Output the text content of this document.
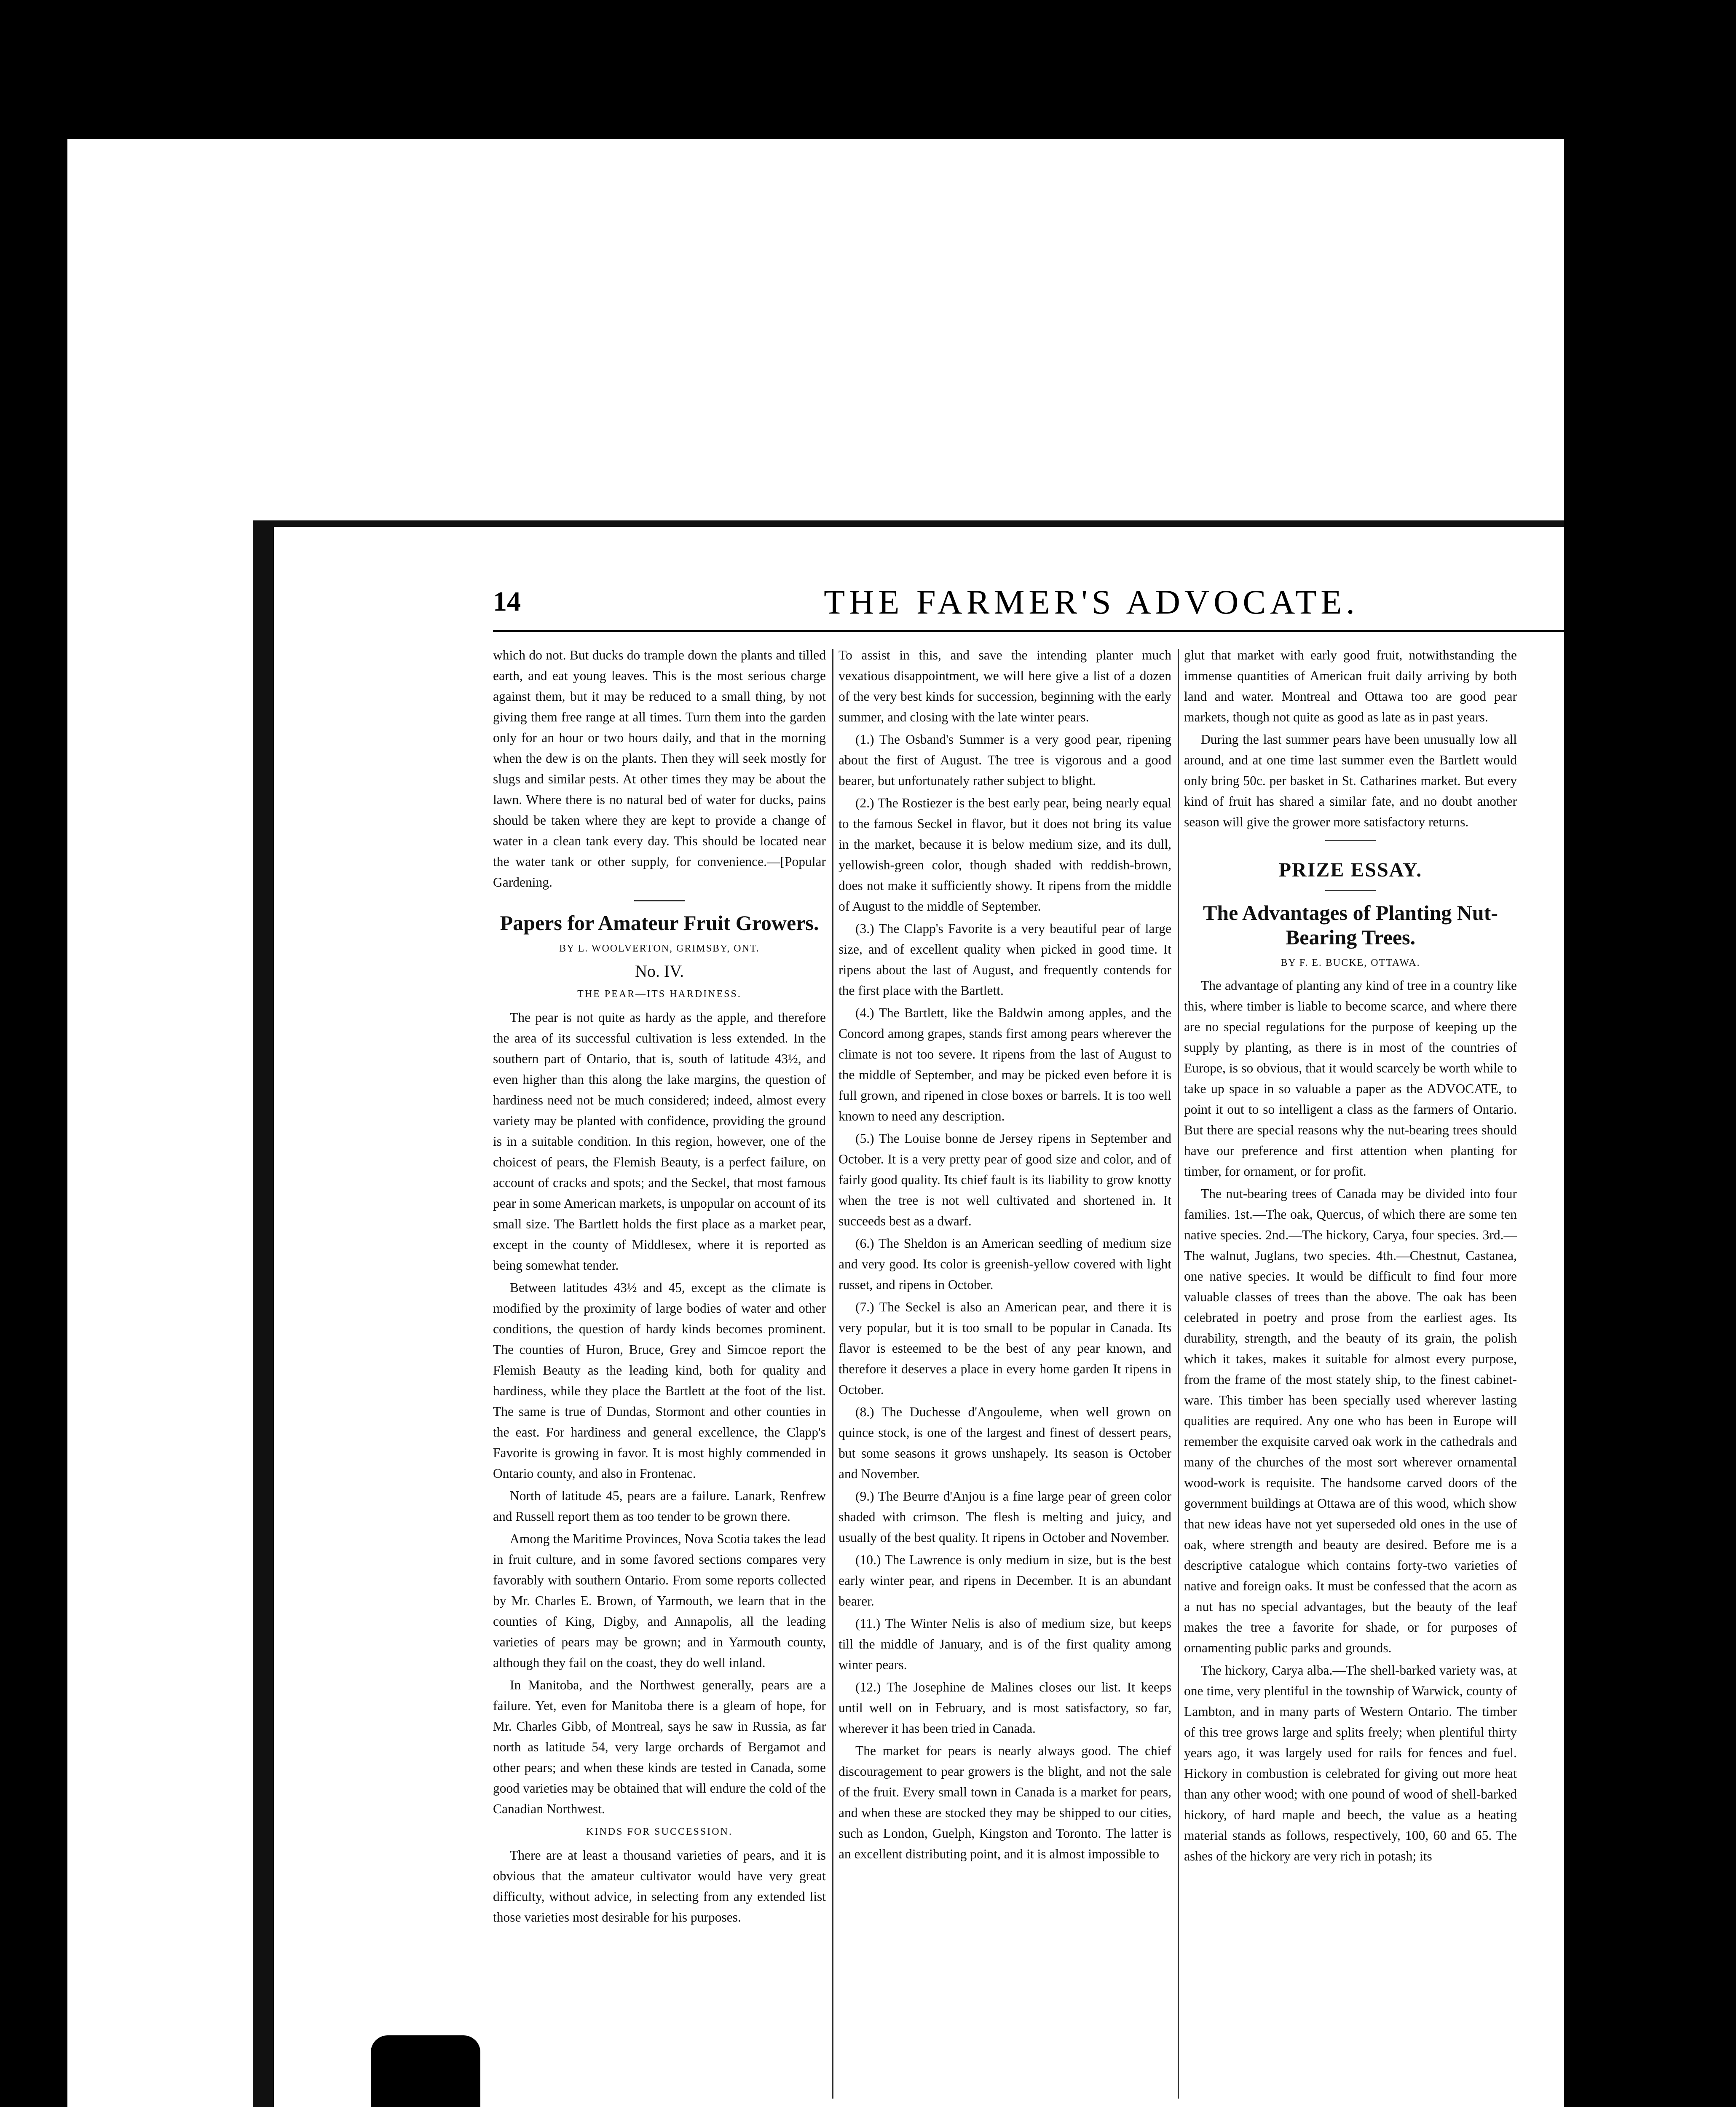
14	THE FARMER'S ADVOCATE.	Jan., 1886

which do not. But ducks do trample down the plants and tilled earth, and eat young leaves. This is the most serious charge against them, but it may be reduced to a small thing, by not giving them free range at all times. Turn them into the garden only for an hour or two hours daily, and that in the morning when the dew is on the plants. Then they will seek mostly for slugs and similar pests. At other times they may be about the lawn. Where there is no natural bed of water for ducks, pains should be taken where they are kept to provide a change of water in a clean tank every day. This should be located near the water tank or other supply, for convenience.—[Popular Gardening.

Papers for Amateur Fruit Growers.

BY L. WOOLVERTON, GRIMSBY, ONT.

No. IV.

THE PEAR—ITS HARDINESS.

The pear is not quite as hardy as the apple, and therefore the area of its successful cultivation is less extended. In the southern part of Ontario, that is, south of latitude 43½, and even higher than this along the lake margins, the question of hardiness need not be much considered; indeed, almost every variety may be planted with confidence, providing the ground is in a suitable condition. In this region, however, one of the choicest of pears, the Flemish Beauty, is a perfect failure, on account of cracks and spots; and the Seckel, that most famous pear in some American markets, is unpopular on account of its small size. The Bartlett holds the first place as a market pear, except in the county of Middlesex, where it is reported as being somewhat tender.

Between latitudes 43½ and 45, except as the climate is modified by the proximity of large bodies of water and other conditions, the question of hardy kinds becomes prominent. The counties of Huron, Bruce, Grey and Simcoe report the Flemish Beauty as the leading kind, both for quality and hardiness, while they place the Bartlett at the foot of the list. The same is true of Dundas, Stormont and other counties in the east. For hardiness and general excellence, the Clapp's Favorite is growing in favor. It is most highly commended in Ontario county, and also in Frontenac.

North of latitude 45, pears are a failure. Lanark, Renfrew and Russell report them as too tender to be grown there.

Among the Maritime Provinces, Nova Scotia takes the lead in fruit culture, and in some favored sections compares very favorably with southern Ontario. From some reports collected by Mr. Charles E. Brown, of Yarmouth, we learn that in the counties of King, Digby, and Annapolis, all the leading varieties of pears may be grown; and in Yarmouth county, although they fail on the coast, they do well inland.

In Manitoba, and the Northwest generally, pears are a failure. Yet, even for Manitoba there is a gleam of hope, for Mr. Charles Gibb, of Montreal, says he saw in Russia, as far north as latitude 54, very large orchards of Bergamot and other pears; and when these kinds are tested in Canada, some good varieties may be obtained that will endure the cold of the Canadian Northwest.

KINDS FOR SUCCESSION.

There are at least a thousand varieties of pears, and it is obvious that the amateur cultivator would have very great difficulty, without advice, in selecting from any extended list those varieties most desirable for his purposes.

To assist in this, and save the intending planter much vexatious disappointment, we will here give a list of a dozen of the very best kinds for succession, beginning with the early summer, and closing with the late winter pears.

(1.) The Osband's Summer is a very good pear, ripening about the first of August. The tree is vigorous and a good bearer, but unfortunately rather subject to blight.

(2.) The Rostiezer is the best early pear, being nearly equal to the famous Seckel in flavor, but it does not bring its value in the market, because it is below medium size, and its dull, yellowish-green color, though shaded with reddish-brown, does not make it sufficiently showy. It ripens from the middle of August to the middle of September.

(3.) The Clapp's Favorite is a very beautiful pear of large size, and of excellent quality when picked in good time. It ripens about the last of August, and frequently contends for the first place with the Bartlett.

(4.) The Bartlett, like the Baldwin among apples, and the Concord among grapes, stands first among pears wherever the climate is not too severe. It ripens from the last of August to the middle of September, and may be picked even before it is full grown, and ripened in close boxes or barrels. It is too well known to need any description.

(5.) The Louise bonne de Jersey ripens in September and October. It is a very pretty pear of good size and color, and of fairly good quality. Its chief fault is its liability to grow knotty when the tree is not well cultivated and shortened in. It succeeds best as a dwarf.

(6.) The Sheldon is an American seedling of medium size and very good. Its color is greenish-yellow covered with light russet, and ripens in October.

(7.) The Seckel is also an American pear, and there it is very popular, but it is too small to be popular in Canada. Its flavor is esteemed to be the best of any pear known, and therefore it deserves a place in every home garden It ripens in October.

(8.) The Duchesse d'Angouleme, when well grown on quince stock, is one of the largest and finest of dessert pears, but some seasons it grows unshapely. Its season is October and November.

(9.) The Beurre d'Anjou is a fine large pear of green color shaded with crimson. The flesh is melting and juicy, and usually of the best quality. It ripens in October and November.

(10.) The Lawrence is only medium in size, but is the best early winter pear, and ripens in December. It is an abundant bearer.

(11.) The Winter Nelis is also of medium size, but keeps till the middle of January, and is of the first quality among winter pears.

(12.) The Josephine de Malines closes our list. It keeps until well on in February, and is most satisfactory, so far, wherever it has been tried in Canada.

The market for pears is nearly always good. The chief discouragement to pear growers is the blight, and not the sale of the fruit. Every small town in Canada is a market for pears, and when these are stocked they may be shipped to our cities, such as London, Guelph, Kingston and Toronto. The latter is an excellent distributing point, and it is almost impossible to

glut that market with early good fruit, notwithstanding the immense quantities of American fruit daily arriving by both land and water. Montreal and Ottawa too are good pear markets, though not quite as good as late as in past years.

During the last summer pears have been unusually low all around, and at one time last summer even the Bartlett would only bring 50c. per basket in St. Catharines market. But every kind of fruit has shared a similar fate, and no doubt another season will give the grower more satisfactory returns.

PRIZE ESSAY.
The Advantages of Planting Nut-Bearing Trees.

BY F. E. BUCKE, OTTAWA.

The advantage of planting any kind of tree in a country like this, where timber is liable to become scarce, and where there are no special regulations for the purpose of keeping up the supply by planting, as there is in most of the countries of Europe, is so obvious, that it would scarcely be worth while to take up space in so valuable a paper as the ADVOCATE, to point it out to so intelligent a class as the farmers of Ontario. But there are special reasons why the nut-bearing trees should have our preference and first attention when planting for timber, for ornament, or for profit.

The nut-bearing trees of Canada may be divided into four families. 1st.—The oak, Quercus, of which there are some ten native species. 2nd.—The hickory, Carya, four species. 3rd.—The walnut, Juglans, two species. 4th.—Chestnut, Castanea, one native species. It would be difficult to find four more valuable classes of trees than the above. The oak has been celebrated in poetry and prose from the earliest ages. Its durability, strength, and the beauty of its grain, the polish which it takes, makes it suitable for almost every purpose, from the frame of the most stately ship, to the finest cabinet-ware. This timber has been specially used wherever lasting qualities are required. Any one who has been in Europe will remember the exquisite carved oak work in the cathedrals and many of the churches of the most sort wherever ornamental wood-work is requisite. The handsome carved doors of the government buildings at Ottawa are of this wood, which show that new ideas have not yet superseded old ones in the use of oak, where strength and beauty are desired. Before me is a descriptive catalogue which contains forty-two varieties of native and foreign oaks. It must be confessed that the acorn as a nut has no special advantages, but the beauty of the leaf makes the tree a favorite for shade, or for purposes of ornamenting public parks and grounds.

The hickory, Carya alba.—The shell-barked variety was, at one time, very plentiful in the township of Warwick, county of Lambton, and in many parts of Western Ontario. The timber of this tree grows large and splits freely; when plentiful thirty years ago, it was largely used for rails for fences and fuel. Hickory in combustion is celebrated for giving out more heat than any other wood; with one pound of wood of shell-barked hickory, of hard maple and beech, the value as a heating material stands as follows, respectively, 100, 60 and 65. The ashes of the hickory are very rich in potash; its
